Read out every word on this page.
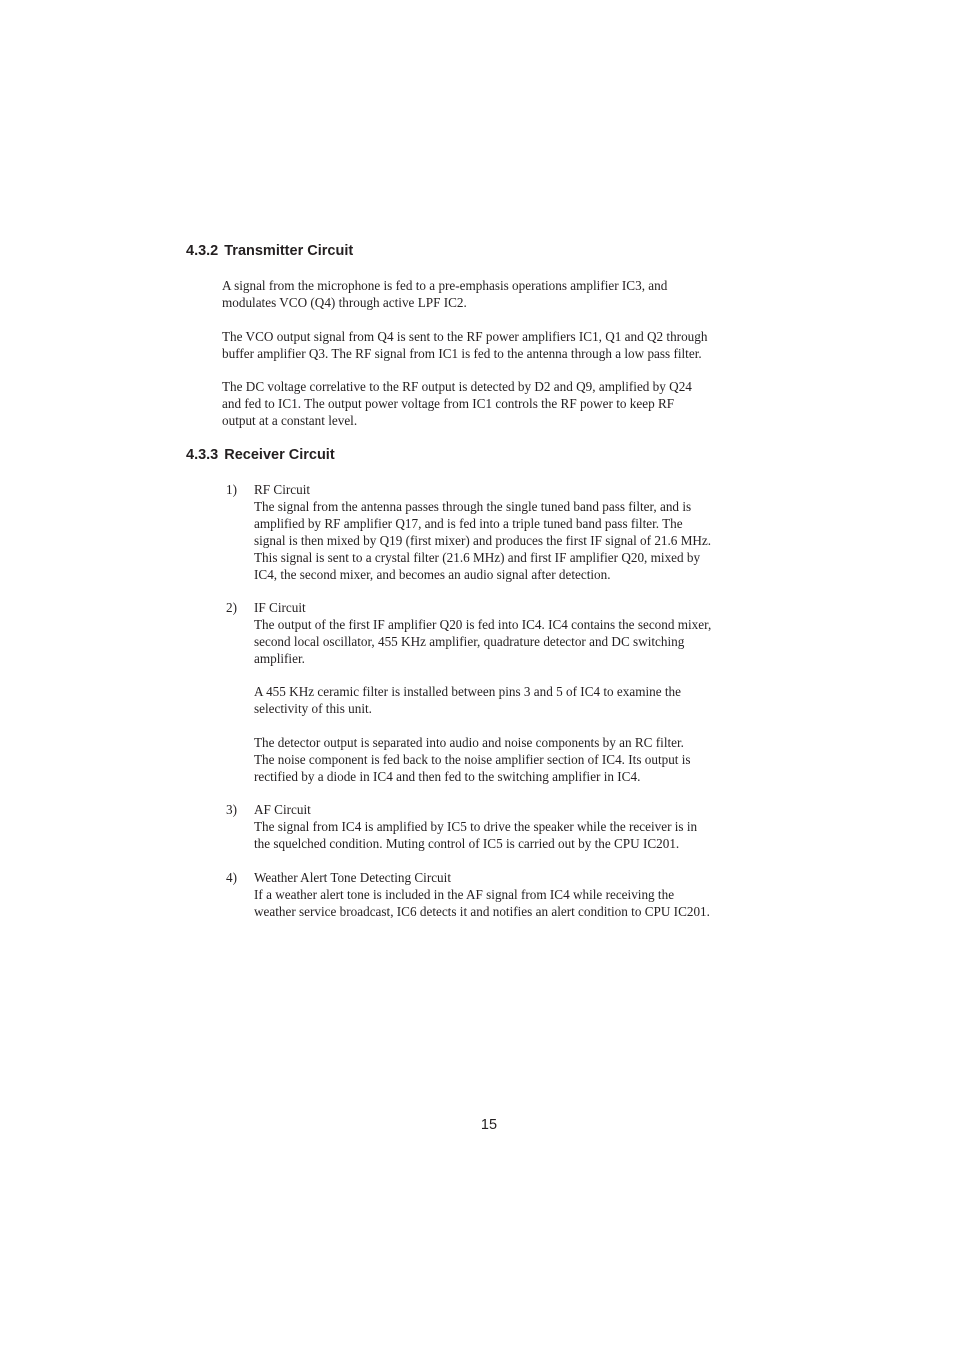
4.3.2 Transmitter Circuit

A signal from the microphone is fed to a pre-emphasis operations amplifier IC3, and
modulates VCO (Q4) through active LPF IC2.

The VCO output signal from Q4 is sent to the RF power amplifiers IC1, Q1 and Q2 through
buffer amplifier Q3. The RF signal from IC1 is fed to the antenna through a low pass filter.

The DC voltage correlative to the RF output is detected by D2 and Q9, amplified by Q24
and fed to IC1. The output power voltage from IC1 controls the RF power to keep RF
output at a constant level.

4.3.3 Receiver Circuit

1) RF Circuit
The signal from the antenna passes through the single tuned band pass filter, and is
amplified by RF amplifier Q17, and is fed into a triple tuned band pass filter. The
signal is then mixed by Q19 (first mixer) and produces the first IF signal of 21.6 MHz.
This signal is sent to a crystal filter (21.6 MHz) and first IF amplifier Q20, mixed by
IC4, the second mixer, and becomes an audio signal after detection.

2) IF Circuit
The output of the first IF amplifier Q20 is fed into IC4. IC4 contains the second mixer,
second local oscillator, 455 KHz amplifier, quadrature detector and DC switching
amplifier.

A 455 KHz ceramic filter is installed between pins 3 and 5 of IC4 to examine the
selectivity of this unit.

The detector output is separated into audio and noise components by an RC filter.
The noise component is fed back to the noise amplifier section of IC4. Its output is
rectified by a diode in IC4 and then fed to the switching amplifier in IC4.

3) AF Circuit
The signal from IC4 is amplified by IC5 to drive the speaker while the receiver is in
the squelched condition. Muting control of IC5 is carried out by the CPU IC201.

4) Weather Alert Tone Detecting Circuit
If a weather alert tone is included in the AF signal from IC4 while receiving the
weather service broadcast, IC6 detects it and notifies an alert condition to CPU IC201.

15
